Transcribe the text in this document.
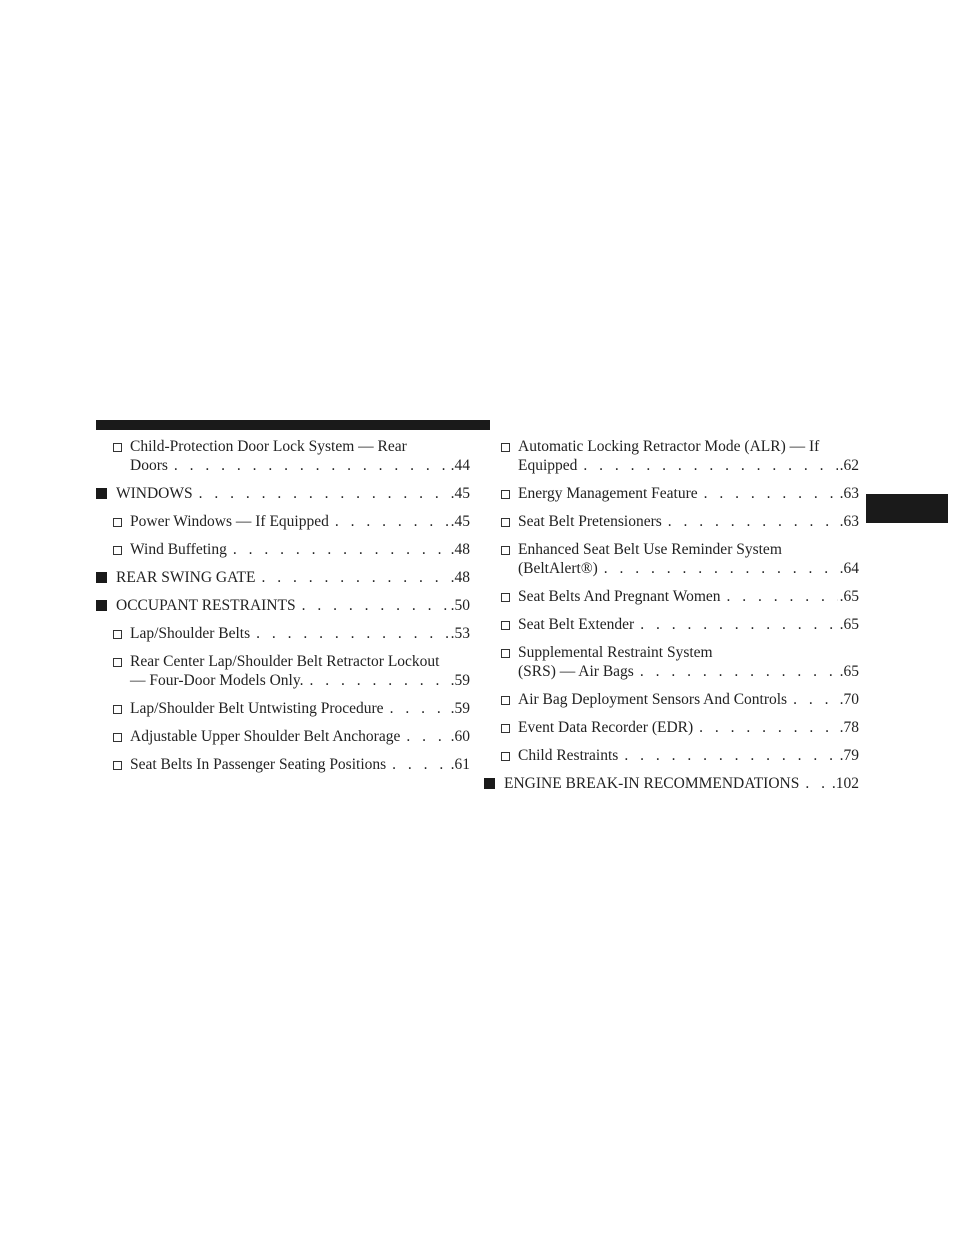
Child-Protection Door Lock System — Rear
Doors . . .	.44
WINDOWS . . .	.45
Power Windows — If Equipped . . .	.45
Wind Buffeting . . .	.48
REAR SWING GATE . . .	.48
OCCUPANT RESTRAINTS . . .	.50
Lap/Shoulder Belts . . .	.53
Rear Center Lap/Shoulder Belt Retractor Lockout
— Four-Door Models Only. . . .	.59
Lap/Shoulder Belt Untwisting Procedure . . .	.59
Adjustable Upper Shoulder Belt Anchorage . . .	.60
Seat Belts In Passenger Seating Positions . . .	.61
Automatic Locking Retractor Mode (ALR) — If
Equipped . . .	.62
Energy Management Feature . . .	.63
Seat Belt Pretensioners . . .	.63
Enhanced Seat Belt Use Reminder System
(BeltAlert®) . . .	.64
Seat Belts And Pregnant Women . . .	.65
Seat Belt Extender . . .	.65
Supplemental Restraint System
(SRS) — Air Bags . . .	.65
Air Bag Deployment Sensors And Controls . . .	.70
Event Data Recorder (EDR) . . .	.78
Child Restraints . . .	.79
ENGINE BREAK-IN RECOMMENDATIONS . . . .102
